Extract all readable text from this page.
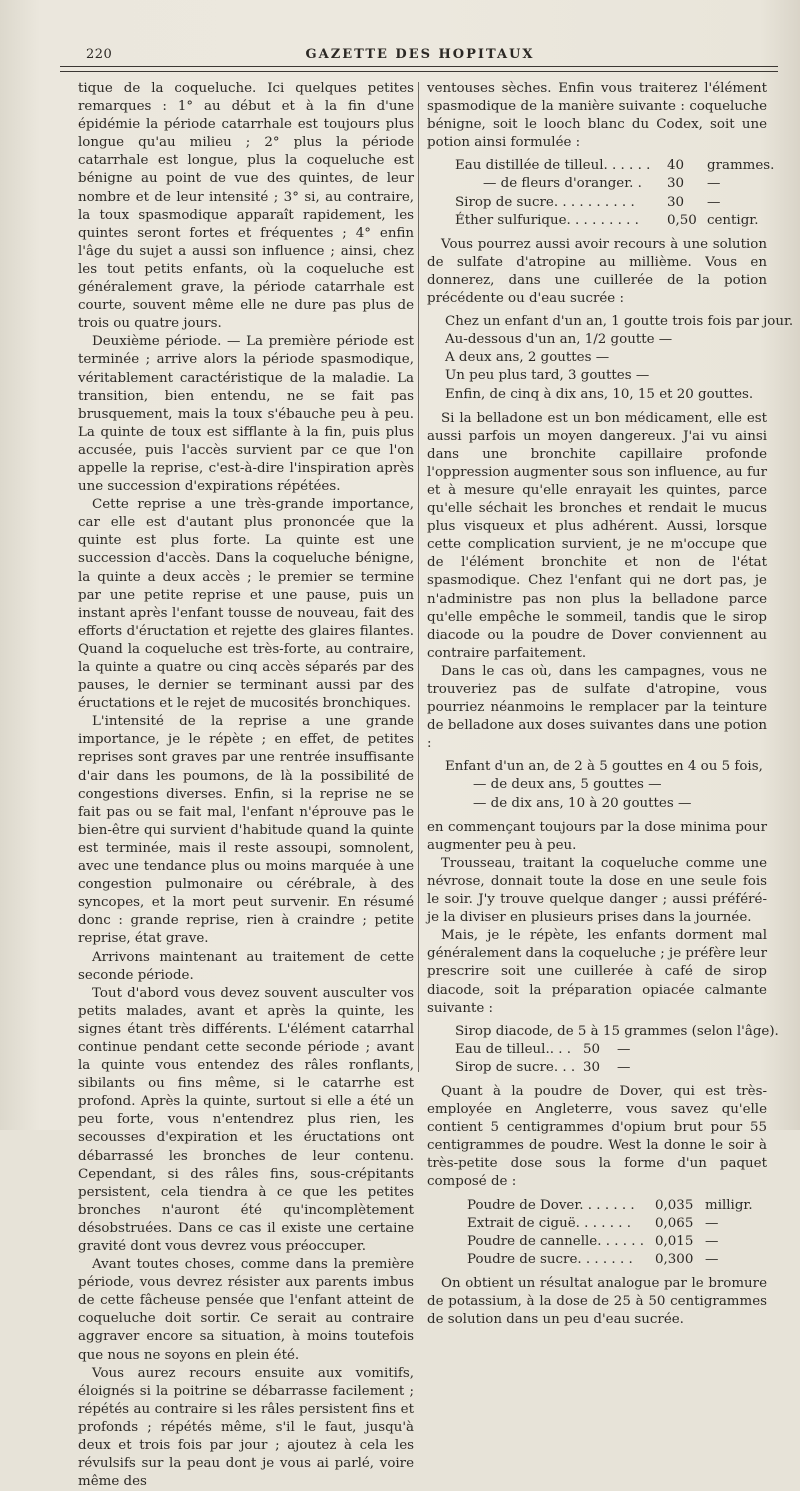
220	GAZETTE DES HOPITAUX

tique de la coqueluche. Ici quelques petites remarques : 1° au début et à la fin d'une épidémie la période catarrhale est toujours plus longue qu'au milieu ; 2° plus la période catarrhale est longue, plus la coqueluche est bénigne au point de vue des quintes, de leur nombre et de leur intensité ; 3° si, au contraire, la toux spasmodique apparaît rapidement, les quintes seront fortes et fréquentes ; 4° enfin l'âge du sujet a aussi son influence ; ainsi, chez les tout petits enfants, où la coqueluche est généralement grave, la période catarrhale est courte, souvent même elle ne dure pas plus de trois ou quatre jours.

Deuxième période. — La première période est terminée ; arrive alors la période spasmodique, véritablement caractéristique de la maladie. La transition, bien entendu, ne se fait pas brusquement, mais la toux s'ébauche peu à peu. La quinte de toux est sifflante à la fin, puis plus accusée, puis l'accès survient par ce que l'on appelle la reprise, c'est-à-dire l'inspiration après une succession d'expirations répétées.

Cette reprise a une très-grande importance, car elle est d'autant plus prononcée que la quinte est plus forte. La quinte est une succession d'accès. Dans la coqueluche bénigne, la quinte a deux accès ; le premier se termine par une petite reprise et une pause, puis un instant après l'enfant tousse de nouveau, fait des efforts d'éructation et rejette des glaires filantes. Quand la coqueluche est très-forte, au contraire, la quinte a quatre ou cinq accès séparés par des pauses, le dernier se terminant aussi par des éructations et le rejet de mucosités bronchiques.

L'intensité de la reprise a une grande importance, je le répète ; en effet, de petites reprises sont graves par une rentrée insuffisante d'air dans les poumons, de là la possibilité de congestions diverses. Enfin, si la reprise ne se fait pas ou se fait mal, l'enfant n'éprouve pas le bien-être qui survient d'habitude quand la quinte est terminée, mais il reste assoupi, somnolent, avec une tendance plus ou moins marquée à une congestion pulmonaire ou cérébrale, à des syncopes, et la mort peut survenir. En résumé donc : grande reprise, rien à craindre ; petite reprise, état grave.

Arrivons maintenant au traitement de cette seconde période.

Tout d'abord vous devez souvent ausculter vos petits malades, avant et après la quinte, les signes étant très différents. L'élément catarrhal continue pendant cette seconde période ; avant la quinte vous entendez des râles ronflants, sibilants ou fins même, si le catarrhe est profond. Après la quinte, surtout si elle a été un peu forte, vous n'entendrez plus rien, les secousses d'expiration et les éructations ont débarrassé les bronches de leur contenu. Cependant, si des râles fins, sous-crépitants persistent, cela tiendra à ce que les petites bronches n'auront été qu'incomplètement désobstruées. Dans ce cas il existe une certaine gravité dont vous devrez vous préoccuper.

Avant toutes choses, comme dans la première période, vous devrez résister aux parents imbus de cette fâcheuse pensée que l'enfant atteint de coqueluche doit sortir. Ce serait au contraire aggraver encore sa situation, à moins toutefois que nous ne soyons en plein été.

Vous aurez recours ensuite aux vomitifs, éloignés si la poitrine se débarrasse facilement ; répétés au contraire si les râles persistent fins et profonds ; répétés même, s'il le faut, jusqu'à deux et trois fois par jour ; ajoutez à cela les révulsifs sur la peau dont je vous ai parlé, voire même des

ventouses sèches. Enfin vous traiterez l'élément spasmodique de la manière suivante : coqueluche bénigne, soit le looch blanc du Codex, soit une potion ainsi formulée :

Eau distillée de tilleul. . . . . .	40	grammes.
— de fleurs d'oranger. .	30	—
Sirop de sucre. . . . . . . . . .	30	—
Éther sulfurique. . . . . . . . .	0,50 centigr.

Vous pourrez aussi avoir recours à une solution de sulfate d'atropine au millième. Vous en donnerez, dans une cuillerée de la potion précédente ou d'eau sucrée :

Chez un enfant d'un an, 1 goutte trois fois par jour.
Au-dessous d'un an, 1/2 goutte —
A deux ans, 2 gouttes —
Un peu plus tard, 3 gouttes —
Enfin, de cinq à dix ans, 10, 15 et 20 gouttes.

Si la belladone est un bon médicament, elle est aussi parfois un moyen dangereux. J'ai vu ainsi dans une bronchite capillaire profonde l'oppression augmenter sous son influence, au fur et à mesure qu'elle enrayait les quintes, parce qu'elle séchait les bronches et rendait le mucus plus visqueux et plus adhérent. Aussi, lorsque cette complication survient, je ne m'occupe que de l'élément bronchite et non de l'état spasmodique. Chez l'enfant qui ne dort pas, je n'administre pas non plus la belladone parce qu'elle empêche le sommeil, tandis que le sirop diacode ou la poudre de Dover conviennent au contraire parfaitement.

Dans le cas où, dans les campagnes, vous ne trouveriez pas de sulfate d'atropine, vous pourriez néanmoins le remplacer par la teinture de belladone aux doses suivantes dans une potion :

Enfant d'un an, de 2 à 5 gouttes en 4 ou 5 fois,
— de deux ans, 5 gouttes —
— de dix ans, 10 à 20 gouttes —

en commençant toujours par la dose minima pour augmenter peu à peu.

Trousseau, traitant la coqueluche comme une névrose, donnait toute la dose en une seule fois le soir. J'y trouve quelque danger ; aussi préféré-je la diviser en plusieurs prises dans la journée.

Mais, je le répète, les enfants dorment mal généralement dans la coqueluche ; je préfère leur prescrire soit une cuillerée à café de sirop diacode, soit la préparation opiacée calmante suivante :

Sirop diacode, de 5 à 15 grammes (selon l'âge).
Eau de tilleul.. . . 50	—
Sirop de sucre. . . 30	—

Quant à la poudre de Dover, qui est très-employée en Angleterre, vous savez qu'elle contient 5 centigrammes d'opium brut pour 55 centigrammes de poudre. West la donne le soir à très-petite dose sous la forme d'un paquet composé de :

Poudre de Dover. . . . . . .	0,035 milligr.
Extrait de ciguë. . . . . . .	0,065 —
Poudre de cannelle. . . . . . 0,015 —
Poudre de sucre. . . . . . .	0,300 —

On obtient un résultat analogue par le bromure de potassium, à la dose de 25 à 50 centigrammes de solution dans un peu d'eau sucrée.
